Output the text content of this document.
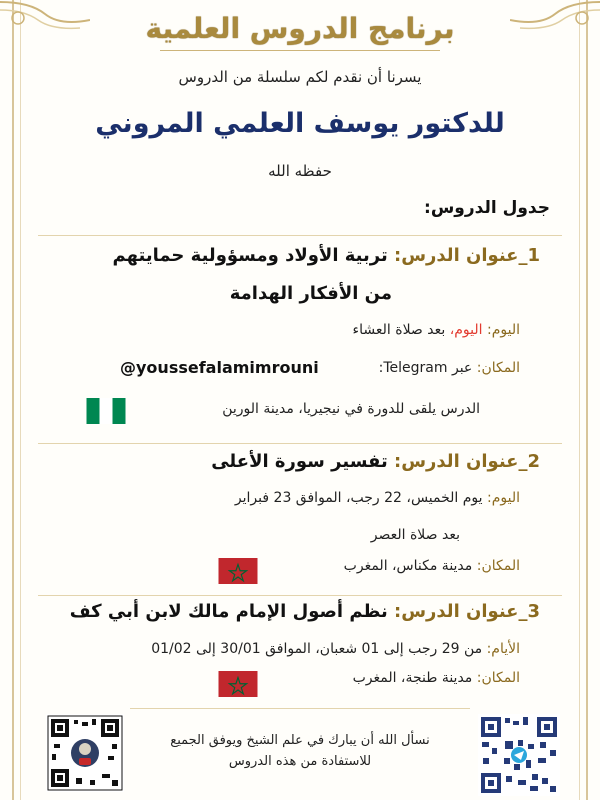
برنامج الدروس العلمية
يسرنا أن نقدم لكم سلسلة من الدروس
للدكتور يوسف العلمي المروني
حفظه الله
جدول الدروس:
1_عنوان الدرس: تربية الأولاد ومسؤولية حمايتهم
من الأفكار الهدامة
اليوم: اليوم، بعد صلاة العشاء
المكان: عبر Telegram:
@youssefalamimrouni
الدرس يلقى للدورة في نيجيريا، مدينة الورين
2_عنوان الدرس: تفسير سورة الأعلى
اليوم: يوم الخميس، 22 رجب، الموافق 23 فبراير
بعد صلاة العصر
المكان: مدينة مكناس، المغرب
3_عنوان الدرس: نظم أصول الإمام مالك لابن أبي كف
الأيام: من 29 رجب إلى 01 شعبان، الموافق 30/01 إلى 01/02
المكان: مدينة طنجة، المغرب
نسأل الله أن يبارك في علم الشيخ ويوفق الجميع
للاستفادة من هذه الدروس
